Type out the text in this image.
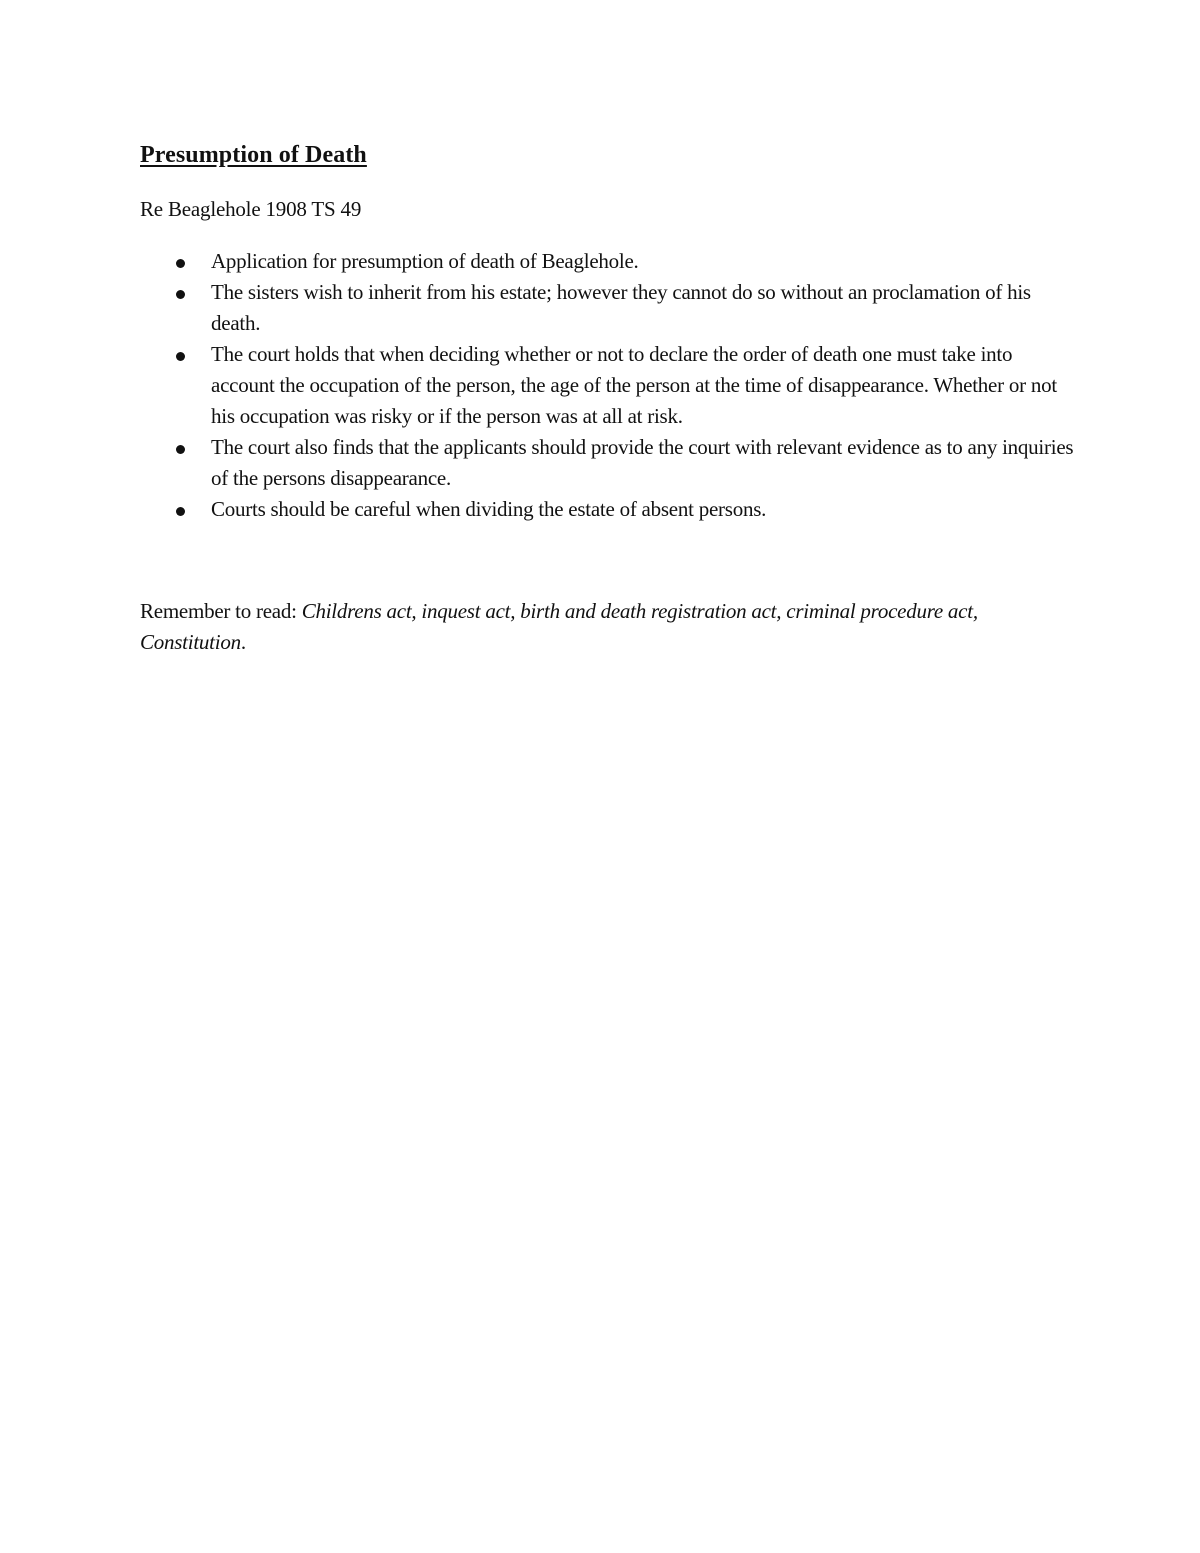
Presumption of Death

Re Beaglehole 1908 TS 49

Application for presumption of death of Beaglehole.
The sisters wish to inherit from his estate; however they cannot do so without an proclamation of his death.
The court holds that when deciding whether or not to declare the order of death one must take into account the occupation of the person, the age of the person at the time of disappearance. Whether or not his occupation was risky or if the person was at all at risk.
The court also finds that the applicants should provide the court with relevant evidence as to any inquiries of the persons disappearance.
Courts should be careful when dividing the estate of absent persons.

Remember to read: Childrens act, inquest act, birth and death registration act, criminal procedure act, Constitution.
